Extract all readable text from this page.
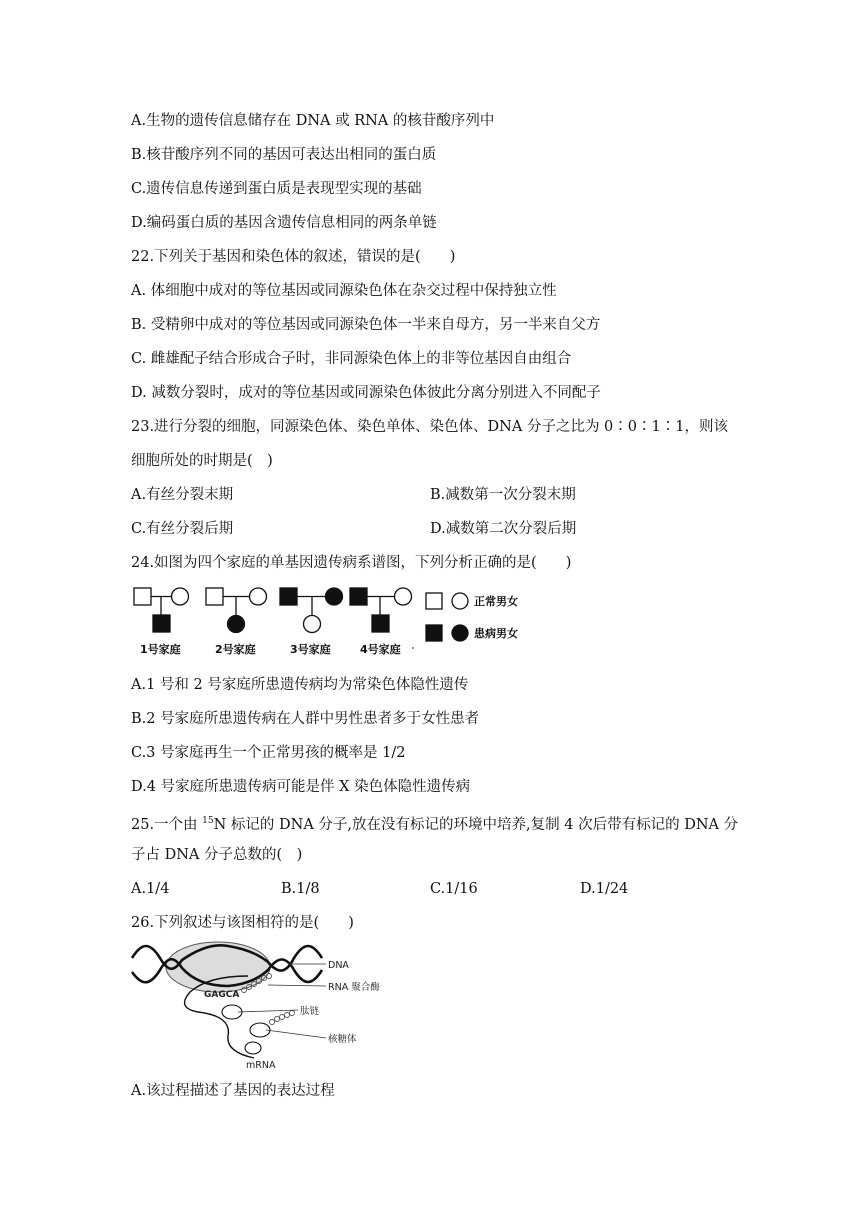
A.生物的遗传信息储存在 DNA 或 RNA 的核苷酸序列中
B.核苷酸序列不同的基因可表达出相同的蛋白质
C.遗传信息传递到蛋白质是表现型实现的基础
D.编码蛋白质的基因含遗传信息相同的两条单链
22.下列关于基因和染色体的叙述，错误的是(　　)
A. 体细胞中成对的等位基因或同源染色体在杂交过程中保持独立性
B. 受精卵中成对的等位基因或同源染色体一半来自母方，另一半来自父方
C. 雌雄配子结合形成合子时，非同源染色体上的非等位基因自由组合
D. 减数分裂时，成对的等位基因或同源染色体彼此分离分别进入不同配子
23.进行分裂的细胞，同源染色体、染色单体、染色体、DNA 分子之比为 0∶0∶1∶1，则该
细胞所处的时期是(　)
A.有丝分裂末期	B.减数第一次分裂末期
C.有丝分裂后期	D.减数第二次分裂后期
24.如图为四个家庭的单基因遗传病系谱图，下列分析正确的是(　　)
1号家庭	2号家庭	3号家庭	4号家庭
正常男女
患病男女
A.1 号和 2 号家庭所患遗传病均为常染色体隐性遗传
B.2 号家庭所患遗传病在人群中男性患者多于女性患者
C.3 号家庭再生一个正常男孩的概率是 1/2
D.4 号家庭所患遗传病可能是伴 X 染色体隐性遗传病
25.一个由 $^{15}$N 标记的 DNA 分子,放在没有标记的环境中培养,复制 4 次后带有标记的 DNA 分
子占 DNA 分子总数的(　)
A.1/4	B.1/8	C.1/16	D.1/24
26.下列叙述与该图相符的是(　　)
GAGCA
DNA
RNA 聚合酶
肽链
核糖体
mRNA
A.该过程描述了基因的表达过程
